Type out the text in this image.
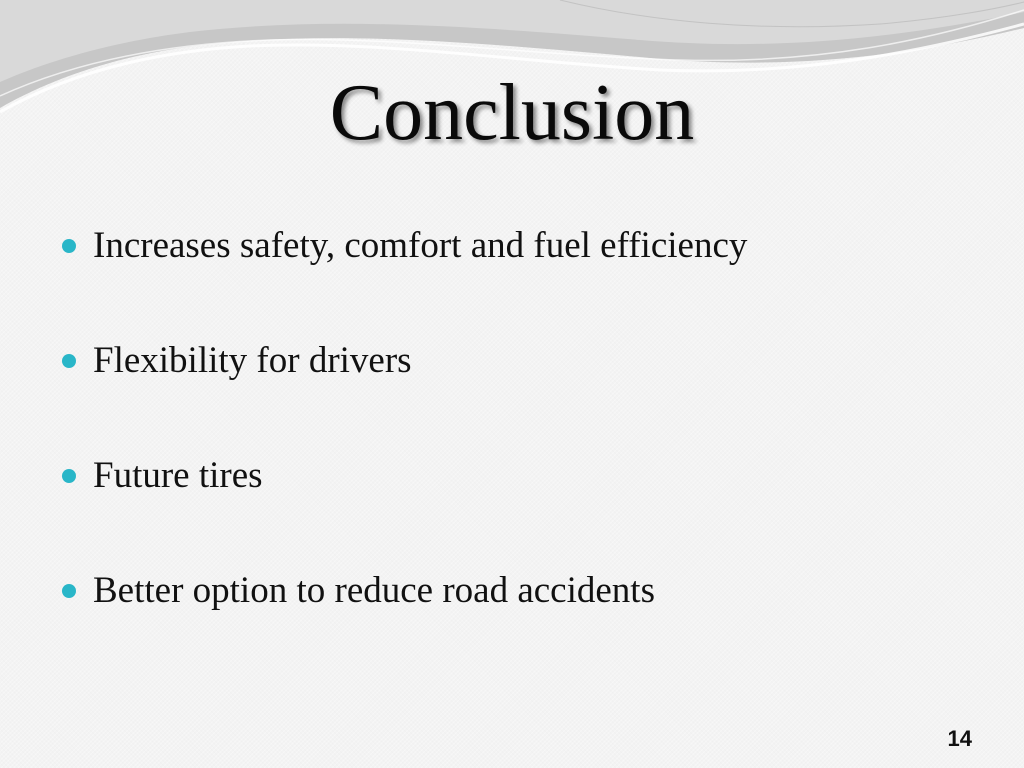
Conclusion
Increases safety, comfort and fuel efficiency
Flexibility for drivers
Future tires
Better option to reduce road accidents
14
